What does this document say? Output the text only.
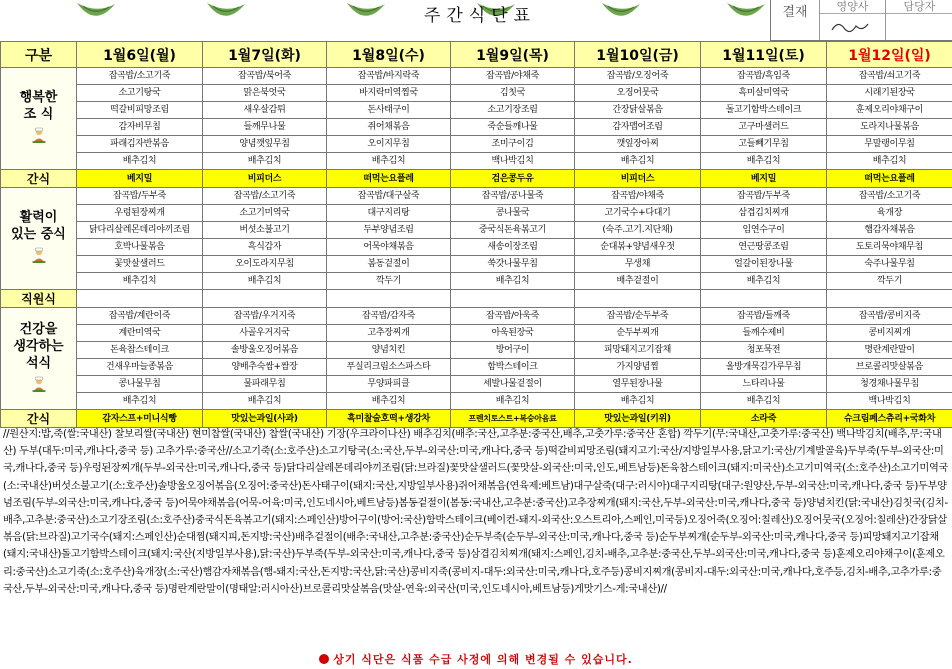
주간식단표	결재	영양사	담당자
구분	1월6일(월)	1월7일(화)	1월8일(수)	1월9일(목)	1월10일(금)	1월11일(토)	1월12일(일)

행복한
조 식	잡곡밥/소고기죽	잡곡밥/북어죽	잡곡밥/바지락죽	잡곡밥/야채죽	잡곡밥/오징어죽	잡곡밥/흑임죽	잡곡밥/쇠고기죽
	소고기탕국	맑은북엇국	바지락미역찜국	김칫국	오징어뭇국	흑미살미역국	시래기된장국
	떡갈비피망조림	새우살감튀	돈사태구이	소고기장조림	간장닭살볶음	돌고기함박스테이크	훈제오리야채구이
	감자비무침	들깨무나물	쥐어채볶음	죽순들깨나물	감자맵어조림	고구마샐러드	도라지나물볶음
	파래김자반볶음	양념깻잎무침	오이지무침	조미구이김	깻잎장아찌	고들빼기무침	무말랭이무침
	배추김치	배추김치	배추김치	백나박김치	배추김치	배추김치	배추김치
간식	베지밀	비피더스	떠먹는요플레	검은콩두유	비피더스	베지밀	떠먹는요플레

활력이
있는 중식	잡곡밥/두부죽	잡곡밥/소고기죽	잡곡밥/대구살죽	잡곡밥/공나물죽	잡곡밥/야채죽	잡곡밥/두부죽	잡곡밥/소고기죽
	우렁된장찌개	소고기미역국	대구지리탕	콩나물국	고기국수+다대기	삼겹김치찌개	육개장
	닭다리살레몬데리야끼조림	버섯소불고기	두부양념조림	중국식돈육볶고기	(숙주.고기.지단채)	임연수구이	햄감자채볶음
	호박나물볶음	흑식감자	어묵야채볶음	새송이장조림	순대볶+양념새우젓	연근땅콩조림	도토리묵야채무침
	꽃맛살샐러드	오이도라지무침	봄동겉절이	쑥갓나물무침	무생채	얼갈이된장나물	숙주나물무침
	배추김치	배추김치	깍두기	배추김치	배추겉절이	배추김치	깍두기
직원식							

건강을
생각하는
석식	잡곡밥/계란이죽	잡곡밥/우거지죽	잡곡밥/감자죽	잡곡밥/아욱죽	잡곡밥/순두부죽	잡곡밥/들깨죽	잡곡밥/콩비지죽
	계란미역국	사골우거지국	고추장찌개	아욱된장국	순두부찌개	들깨수제비	콩비지찌개
	돈육참스테이크	솔방울오징어볶음	양념치킨	방어구이	피망돼지고기잡채	청포묵전	명란계란말이
	건새우마늘종볶음	양배추숙쌈+쌈장	푸실리크림소스파스타	함박스테이크	가지양념찜	올방개묵김가루무침	브로콜리맛살볶음
	콩나물무침	물파래무침	무양파피클	세발나물겉절이	열무된장나물	느타리나물	청경채나물무침
	배추김치	배추김치	배추김치	배추김치	배추김치	배추김치	백나박김치
간식	감자스프+미니식빵	맛있는과일(사과)	흑미찰술호떡+생강차	프렌치토스트+복숭아음료	맛있는과일(키위)	소라죽	슈크림페스츄리+국화차
//원산지:밥,죽(쌀:국내산) 찰보리쌀(국내산) 현미찹쌀(국내산) 찹쌀(국내산) 기장(우크라이나산) 배추김치(배추:국산,고추분:중국산,배추,고춧가루:중국산 혼합) 깍두기(무:국내산,고춧가루:중국산) 백나박김치(배추,무:국내산) 두부(대두:미국,캐나다,중국 등) 고추가루:중국산//소고기죽(소:호주산)소고기탕국(소:국산,두부-외국산:미국,캐나다,중국 등)떡갈비피망조림(돼지고기:국산/지방일부사용,닭고기:국산/기계발골육)두부죽(두부-외국산:미국,캐나다,중국 등)우렁된장찌개(두부-외국산:미국,캐나다,중국 등)닭다리살레몬데리야끼조림(닭:브라질)꽃맛살샐러드(꽃맛살-외국산:미국,인도,베트남등)돈육참스테이크(돼지:미국산)소고기미역국(소:호주산)소고기미역국(소:국내산)버섯소불고기(소:호주산)솔방울오징어볶음(오징어:중국산)돈사태구이(돼지:국산,지방일부사용)쥐어채볶음(연육제:베트남)대구살죽(대구:러시아)대구지리탕(대구:원양산,두부-외국산:미국,캐나다,중국 등)두부양념조림(두부-외국산:미국,캐나다,중국 등)어묵야채볶음(어묵-어육:미국,인도네시아,베트남등)봄동겉절이(봄동:국내산,고추분:중국산)고추장찌개(돼지:국산,두부-외국산:미국,캐나다,중국 등)양념치킨(닭:국내산)김칫국(김치-배추,고추분:중국산)소고기장조림(소:호주산)중국식돈육볶고기(돼지:스페인산)방어구이(방어:국산)함박스테이크(베이컨-돼지-외국산:오스트리아,스페인,미국등)오징어죽(오징어:칠레산)오징어뭇국(오징어:칠레산)간장닭살볶음(닭:브라질)고기국수(돼지:스페인산)순대찜(돼지피,돈지방:국산)배추겉절이(배추:국내산,고추분:중국산)순두부죽(순두부-외국산:미국,캐나다,중국 등)순두부찌개(순두부-외국산:미국,캐나다,중국 등)피망돼지고기잡채(돼지:국내산)돌고기함박스테이크(돼지:국산(지방일부사용),닭:국산)두부죽(두부-외국산:미국,캐나다,중국 등)삼겹김치찌개(돼지:스페인,김치-배추,고추분:중국산,두부-외국산:미국,캐나다,중국 등)훈제오리야채구이(훈제오리:중국산)소고기죽(소:호주산)육개장(소:국산)햄감자채볶음(햄-돼지:국산,돈지방:국산,닭:국산)콩비지죽(콩비지-대두:외국산:미국,캐나다,호주등)콩비지찌개(콩비지-대두:외국산:미국,캐나다,호주등,김치-배추,고추가루:중국산,두부-외국산:미국,캐나다,중국 등)명란계란말이(명태알:러시아산)브로콜리맛살볶음(맛살-연육:외국산(미국,인도네시아,베트남등)게맛기스-게:국내산)//
상기 식단은 식품 수급 사정에 의해 변경될 수 있습니다.
